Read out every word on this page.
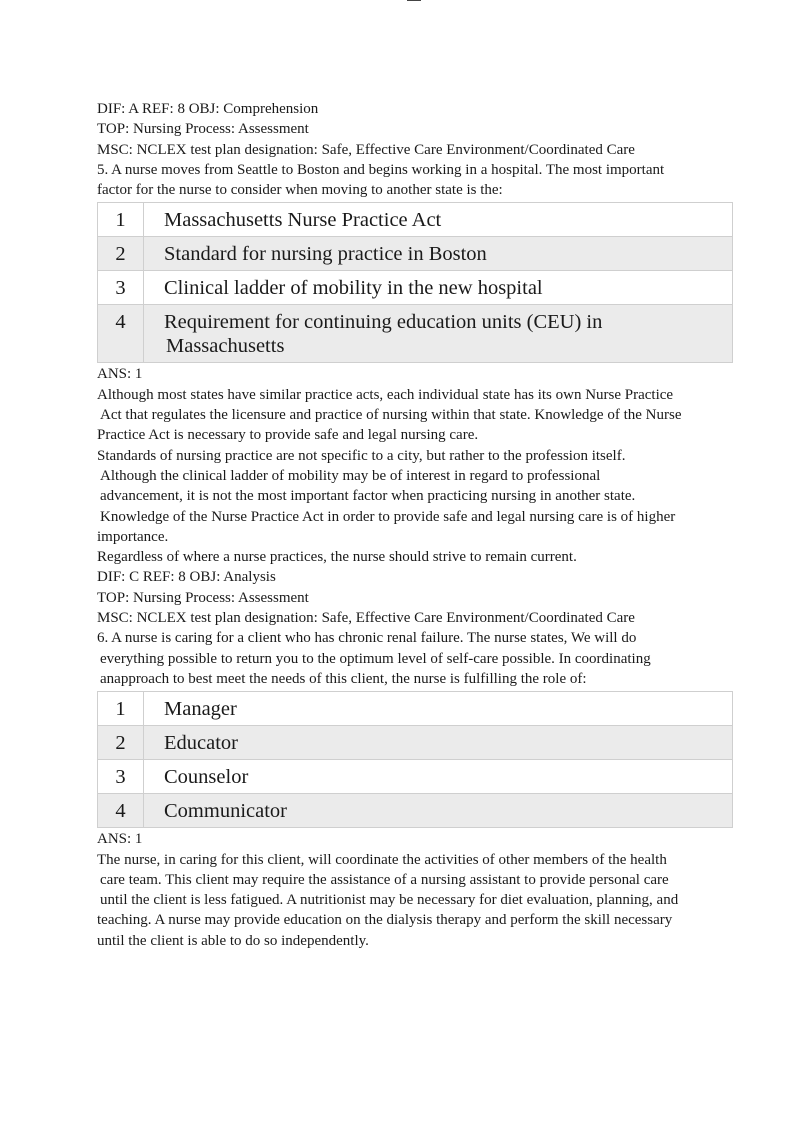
DIF: A REF: 8 OBJ: Comprehension
TOP: Nursing Process: Assessment
MSC: NCLEX test plan designation: Safe, Effective Care Environment/Coordinated Care
5. A nurse moves from Seattle to Boston and begins working in a hospital. The most important
factor for the nurse to consider when moving to another state is the:
1	Massachusetts Nurse Practice Act
2	Standard for nursing practice in Boston
3	Clinical ladder of mobility in the new hospital
4	Requirement for continuing education units (CEU) in
Massachusetts
ANS: 1
Although most states have similar practice acts, each individual state has its own Nurse Practice
Act that regulates the licensure and practice of nursing within that state. Knowledge of the Nurse
Practice Act is necessary to provide safe and legal nursing care.
Standards of nursing practice are not specific to a city, but rather to the profession itself.
Although the clinical ladder of mobility may be of interest in regard to professional
advancement, it is not the most important factor when practicing nursing in another state.
Knowledge of the Nurse Practice Act in order to provide safe and legal nursing care is of higher
importance.
Regardless of where a nurse practices, the nurse should strive to remain current.
DIF: C REF: 8 OBJ: Analysis
TOP: Nursing Process: Assessment
MSC: NCLEX test plan designation: Safe, Effective Care Environment/Coordinated Care
6. A nurse is caring for a client who has chronic renal failure. The nurse states, We will do
everything possible to return you to the optimum level of self-care possible. In coordinating
anapproach to best meet the needs of this client, the nurse is fulfilling the role of:
1	Manager
2	Educator
3	Counselor
4	Communicator
ANS: 1
The nurse, in caring for this client, will coordinate the activities of other members of the health
care team. This client may require the assistance of a nursing assistant to provide personal care
until the client is less fatigued. A nutritionist may be necessary for diet evaluation, planning, and
teaching. A nurse may provide education on the dialysis therapy and perform the skill necessary
until the client is able to do so independently.
